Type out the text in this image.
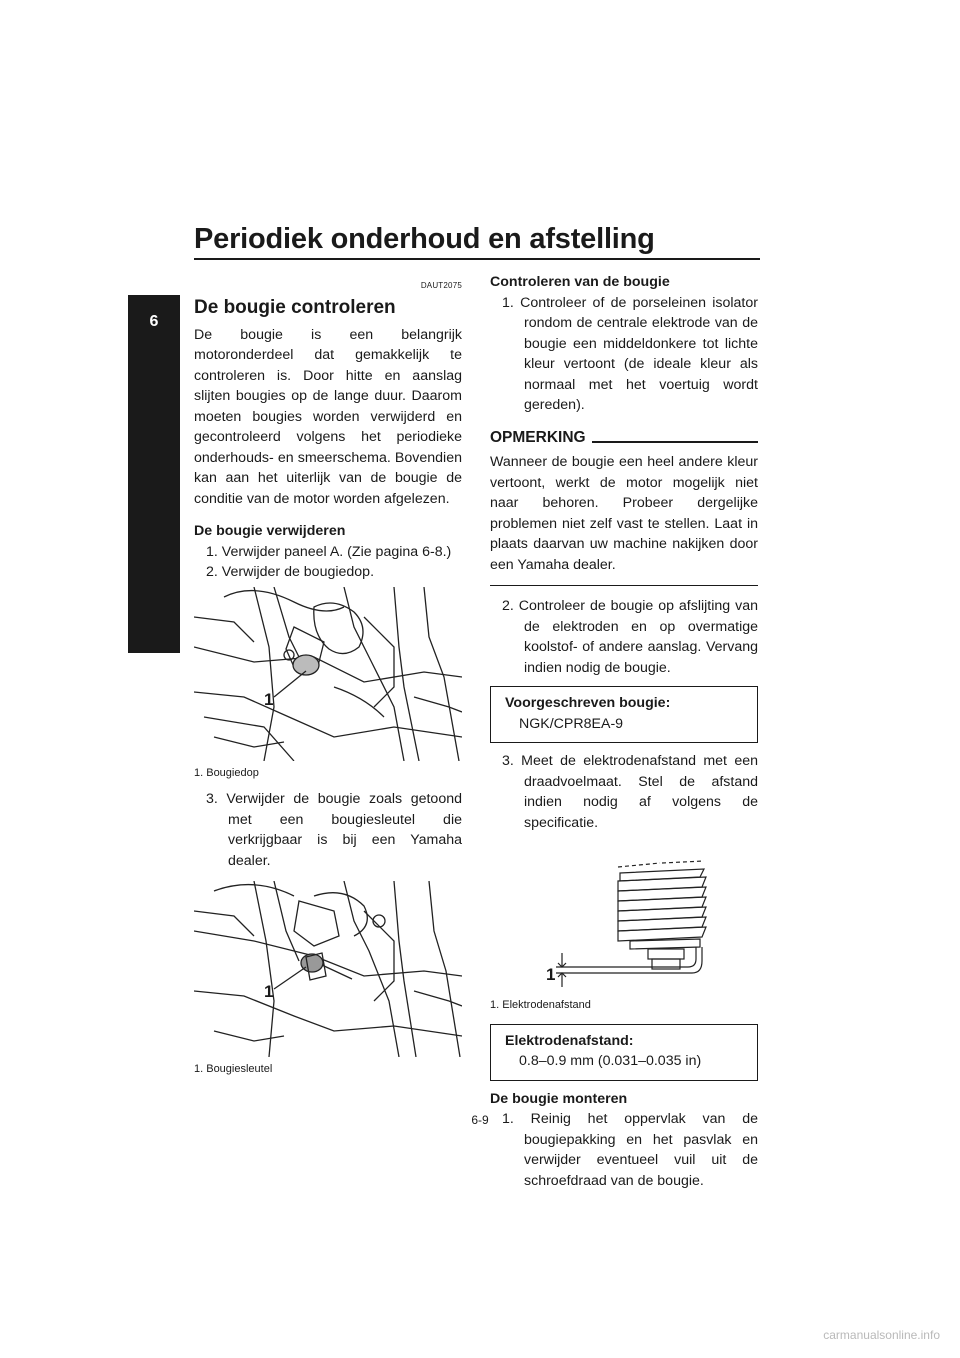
Periodiek onderhoud en afstelling
6
DAUT2075
De bougie controleren

De bougie is een belangrijk motoronderdeel dat gemakkelijk te controleren is. Door hitte en aanslag slijten bougies op de lange duur. Daarom moeten bougies worden verwijderd en gecontroleerd volgens het periodieke onderhouds- en smeerschema. Bovendien kan aan het uiterlijk van de bougie de conditie van de motor worden afgelezen.

De bougie verwijderen

1. Verwijder paneel A. (Zie pagina 6-8.)

2. Verwijder de bougiedop.

1

1. Bougiedop

3. Verwijder de bougie zoals getoond met een bougiesleutel die verkrijgbaar is bij een Yamaha dealer.

1

1. Bougiesleutel

Controleren van de bougie

1. Controleer of de porseleinen isolator rondom de centrale elektrode van de bougie een middeldonkere tot lichte kleur vertoont (de ideale kleur als normaal met het voertuig wordt gereden).

OPMERKING

Wanneer de bougie een heel andere kleur vertoont, werkt de motor mogelijk niet naar behoren. Probeer dergelijke problemen niet zelf vast te stellen. Laat in plaats daarvan uw machine nakijken door een Yamaha dealer.

2. Controleer de bougie op afslijting van de elektroden en op overmatige koolstof- of andere aanslag. Vervang indien nodig de bougie.

Voorgeschreven bougie:
NGK/CPR8EA-9

3. Meet de elektrodenafstand met een draadvoelmaat. Stel de afstand indien nodig af volgens de specificatie.

1

1. Elektrodenafstand

Elektrodenafstand:
0.8–0.9 mm (0.031–0.035 in)

De bougie monteren

1. Reinig het oppervlak van de bougiepakking en het pasvlak en verwijder eventueel vuil uit de schroefdraad van de bougie.

6-9
carmanualsonline.info
